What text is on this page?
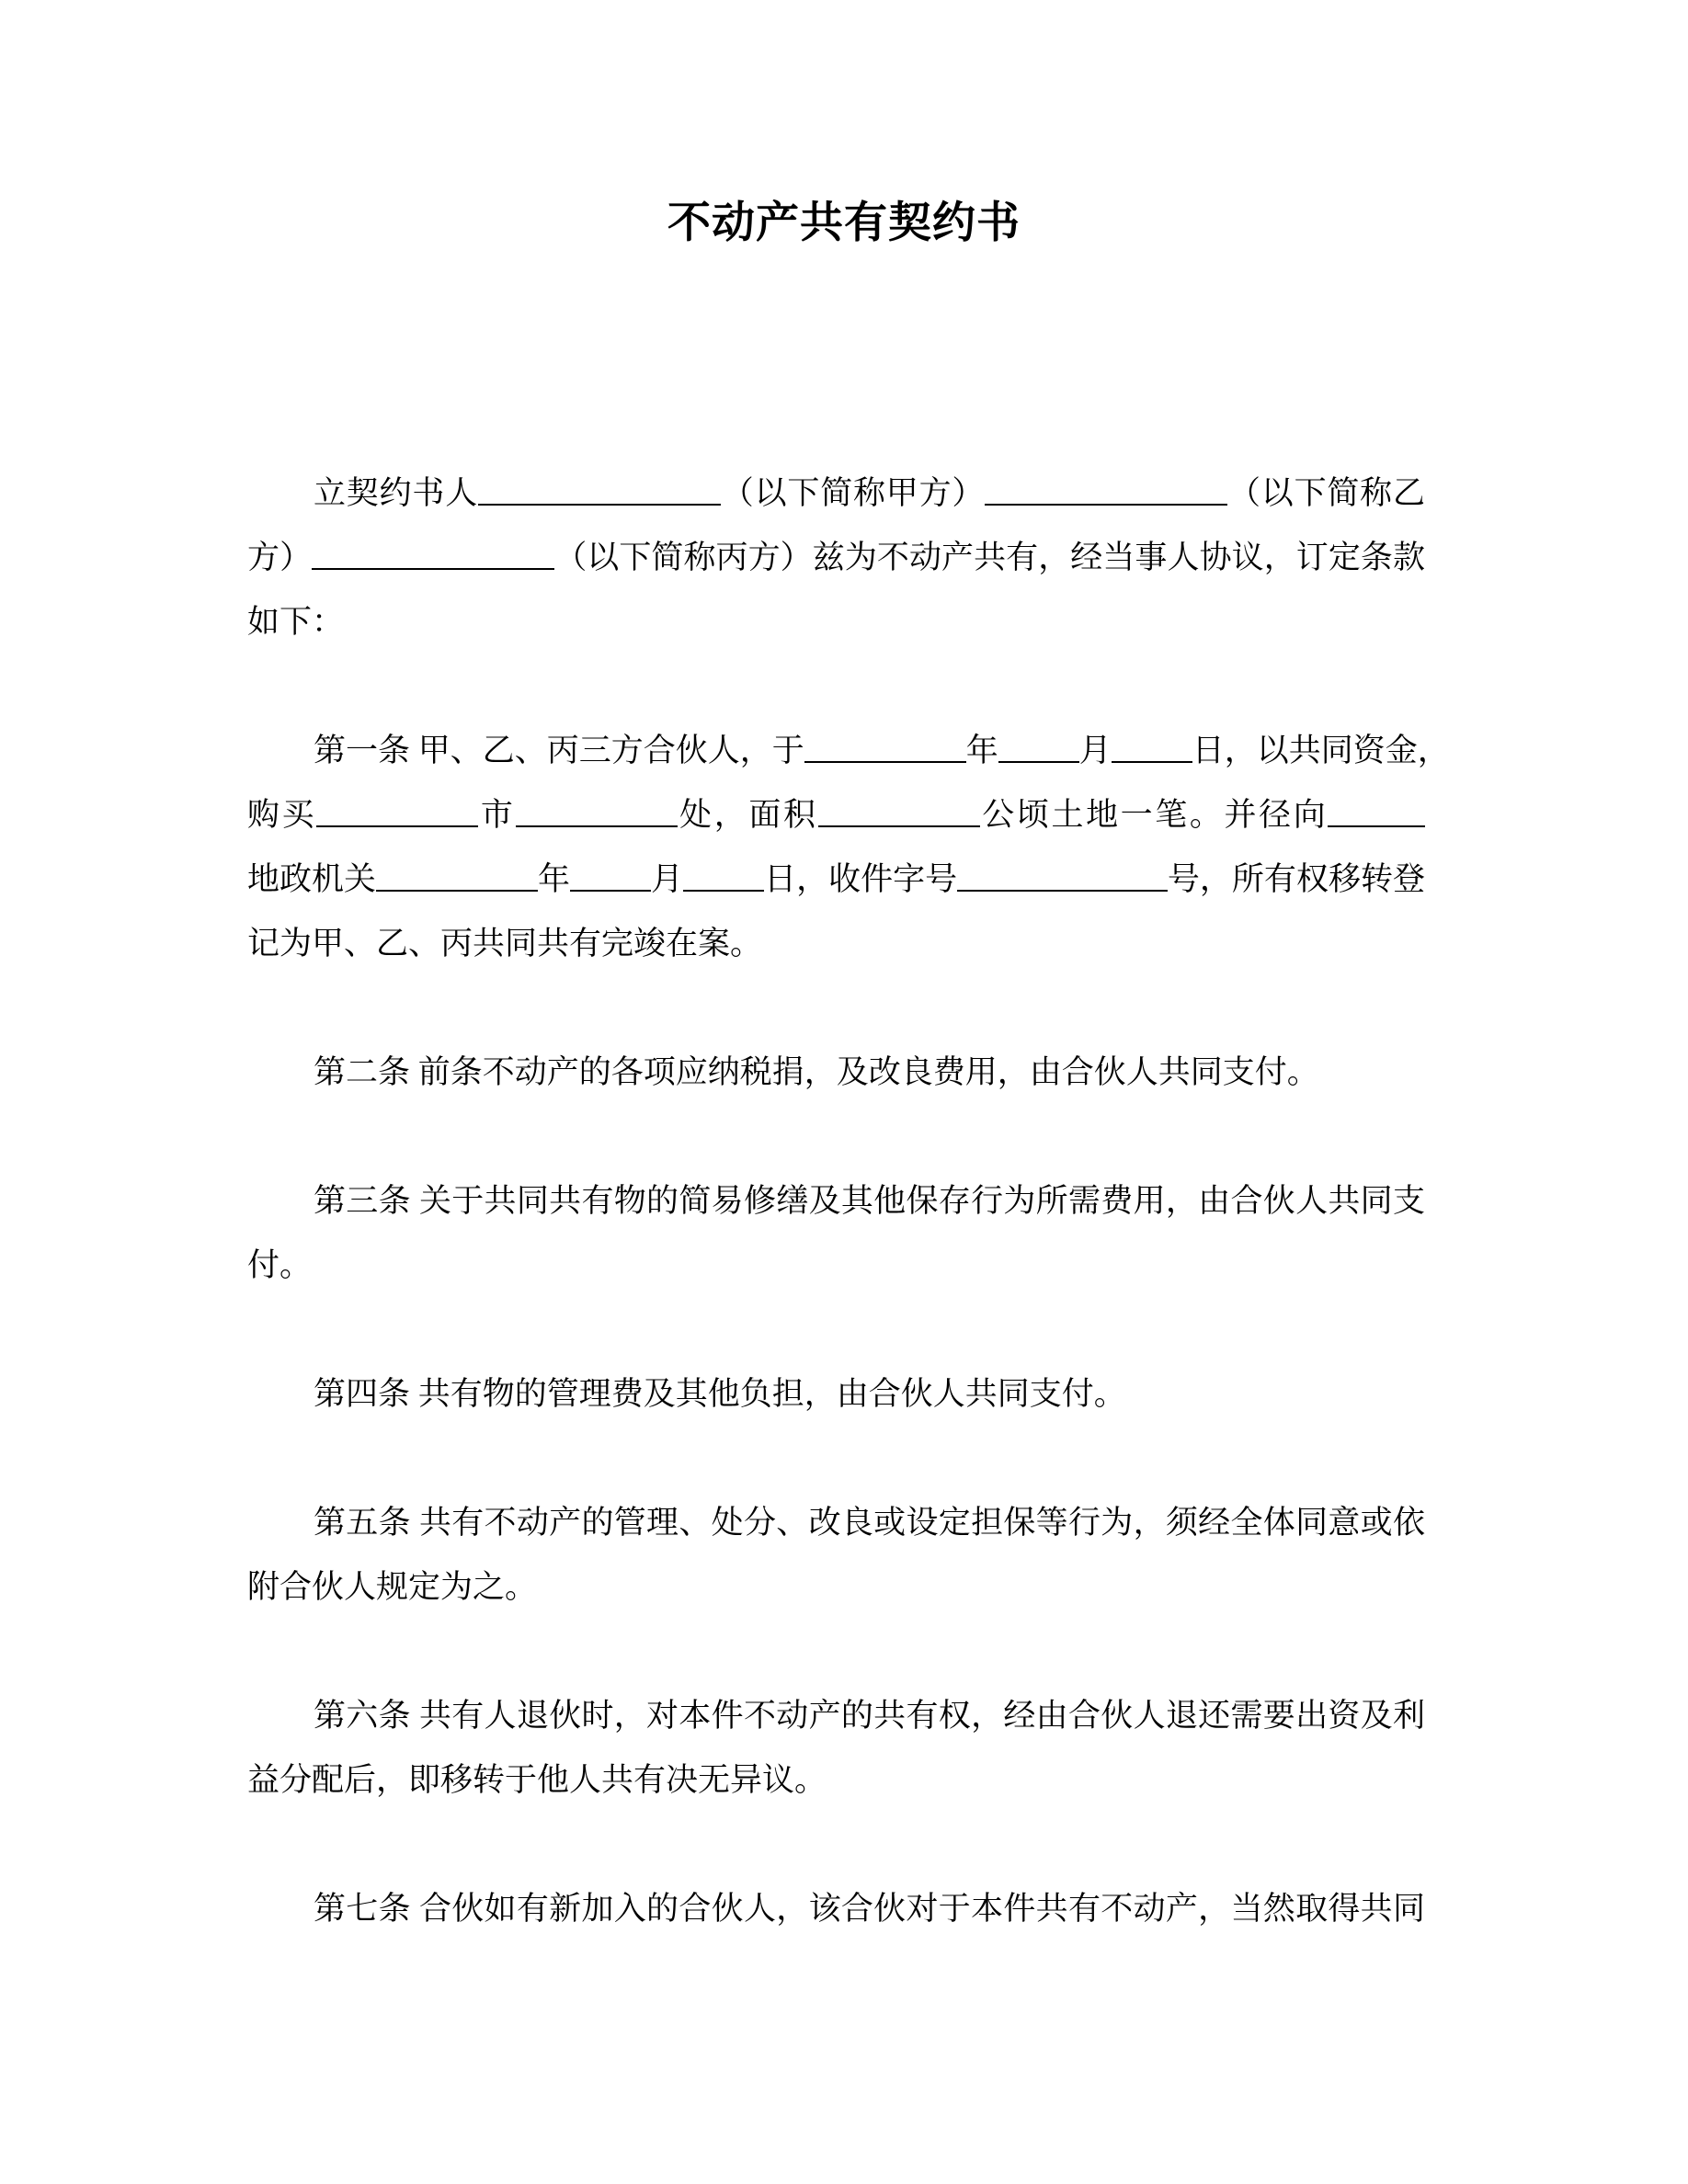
不动产共有契约书
立契约书人	（以下简称甲方）	（以下简称乙
方）	（以下简称丙方）兹为不动产共有，经当事人协议，订定条款
如下：
第一条 甲、乙、丙三方合伙人，于	年	月	日，以共同资金，
购买	市	处，面积	公顷土地一笔。并径向
地政机关	年	月	日，收件字号	号，所有权移转登
记为甲、乙、丙共同共有完竣在案。
第二条 前条不动产的各项应纳税捐，及改良费用，由合伙人共同支付。
第三条 关于共同共有物的简易修缮及其他保存行为所需费用，由合伙人共同支
付。
第四条 共有物的管理费及其他负担，由合伙人共同支付。
第五条 共有不动产的管理、处分、改良或设定担保等行为，须经全体同意或依
附合伙人规定为之。
第六条 共有人退伙时，对本件不动产的共有权，经由合伙人退还需要出资及利
益分配后，即移转于他人共有决无异议。
第七条 合伙如有新加入的合伙人，该合伙对于本件共有不动产，当然取得共同
